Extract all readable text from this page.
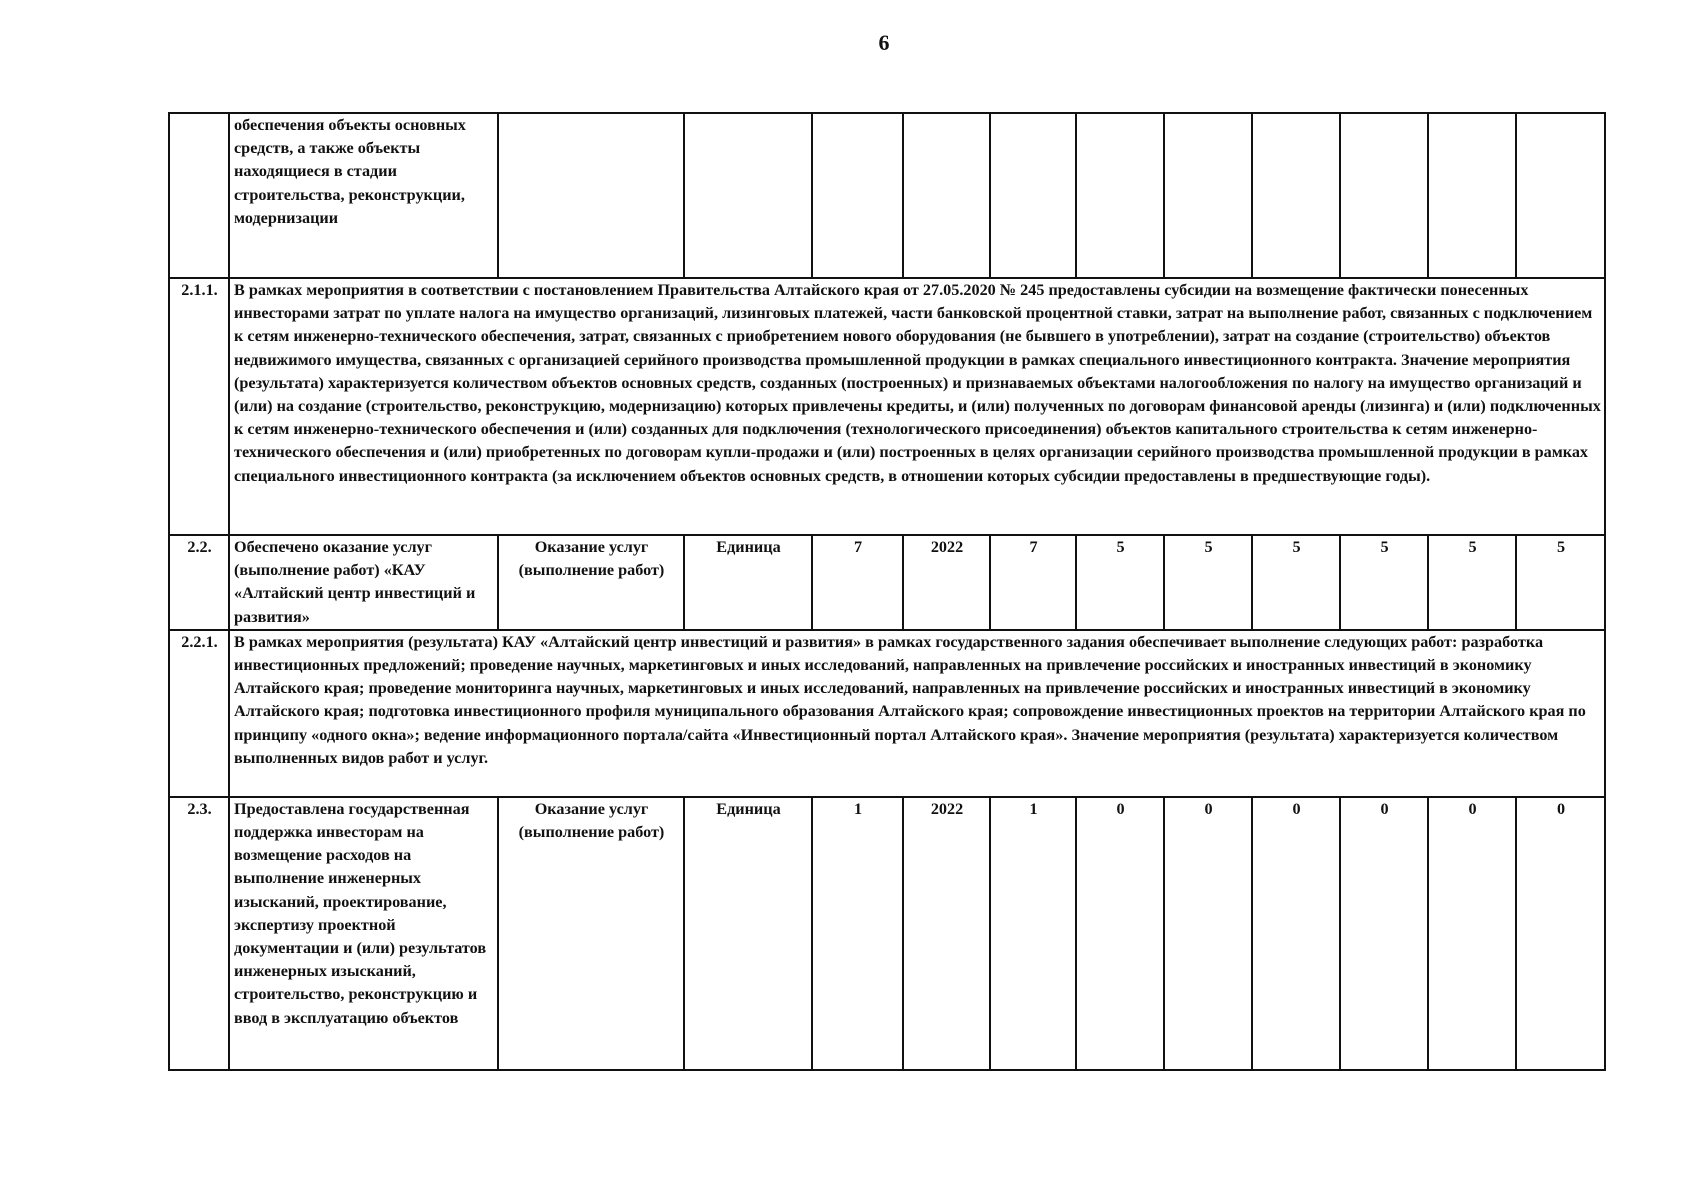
6
	обеспечения объекты основных средств, а также объекты находящиеся в стадии строительства, реконструкции, модернизации											
2.1.1.	В рамках мероприятия в соответствии с постановлением Правительства Алтайского края от 27.05.2020 № 245 предоставлены субсидии на возмещение фактически понесенных инвесторами затрат по уплате налога на имущество организаций, лизинговых платежей, части банковской процентной ставки, затрат на выполнение работ, связанных с подключением к сетям инженерно-технического обеспечения, затрат, связанных с приобретением нового оборудования (не бывшего в употреблении), затрат на создание (строительство) объектов недвижимого имущества, связанных с организацией серийного производства промышленной продукции в рамках специального инвестиционного контракта. Значение мероприятия (результата) характеризуется количеством объектов основных средств, созданных (построенных) и признаваемых объектами налогообложения по налогу на имущество организаций и (или) на создание (строительство, реконструкцию, модернизацию) которых привлечены кредиты, и (или) полученных по договорам финансовой аренды (лизинга) и (или) подключенных к сетям инженерно-технического обеспечения и (или) созданных для подключения (технологического присоединения) объектов капитального строительства к сетям инженерно-технического обеспечения и (или) приобретенных по договорам купли-продажи и (или) построенных в целях организации серийного производства промышленной продукции в рамках специального инвестиционного контракта (за исключением объектов основных средств, в отношении которых субсидии предоставлены в предшествующие годы).											
2.2.	Обеспечено оказание услуг (выполнение работ) «КАУ «Алтайский центр инвестиций и развития»	Оказание услуг (выполнение работ)	Единица	7	2022	7	5	5	5	5	5	5
2.2.1.	В рамках мероприятия (результата) КАУ «Алтайский центр инвестиций и развития» в рамках государственного задания обеспечивает выполнение следующих работ: разработка инвестиционных предложений; проведение научных, маркетинговых и иных исследований, направленных на привлечение российских и иностранных инвестиций в экономику Алтайского края; проведение мониторинга научных, маркетинговых и иных исследований, направленных на привлечение российских и иностранных инвестиций в экономику Алтайского края; подготовка инвестиционного профиля муниципального образования Алтайского края; сопровождение инвестиционных проектов на территории Алтайского края по принципу «одного окна»; ведение информационного портала/сайта «Инвестиционный портал Алтайского края». Значение мероприятия (результата) характеризуется количеством выполненных видов работ и услуг.											
2.3.	Предоставлена государственная поддержка инвесторам на возмещение расходов на выполнение инженерных изысканий, проектирование, экспертизу проектной документации и (или) результатов инженерных изысканий, строительство, реконструкцию и ввод в эксплуатацию объектов	Оказание услуг (выполнение работ)	Единица	1	2022	1	0	0	0	0	0	0
